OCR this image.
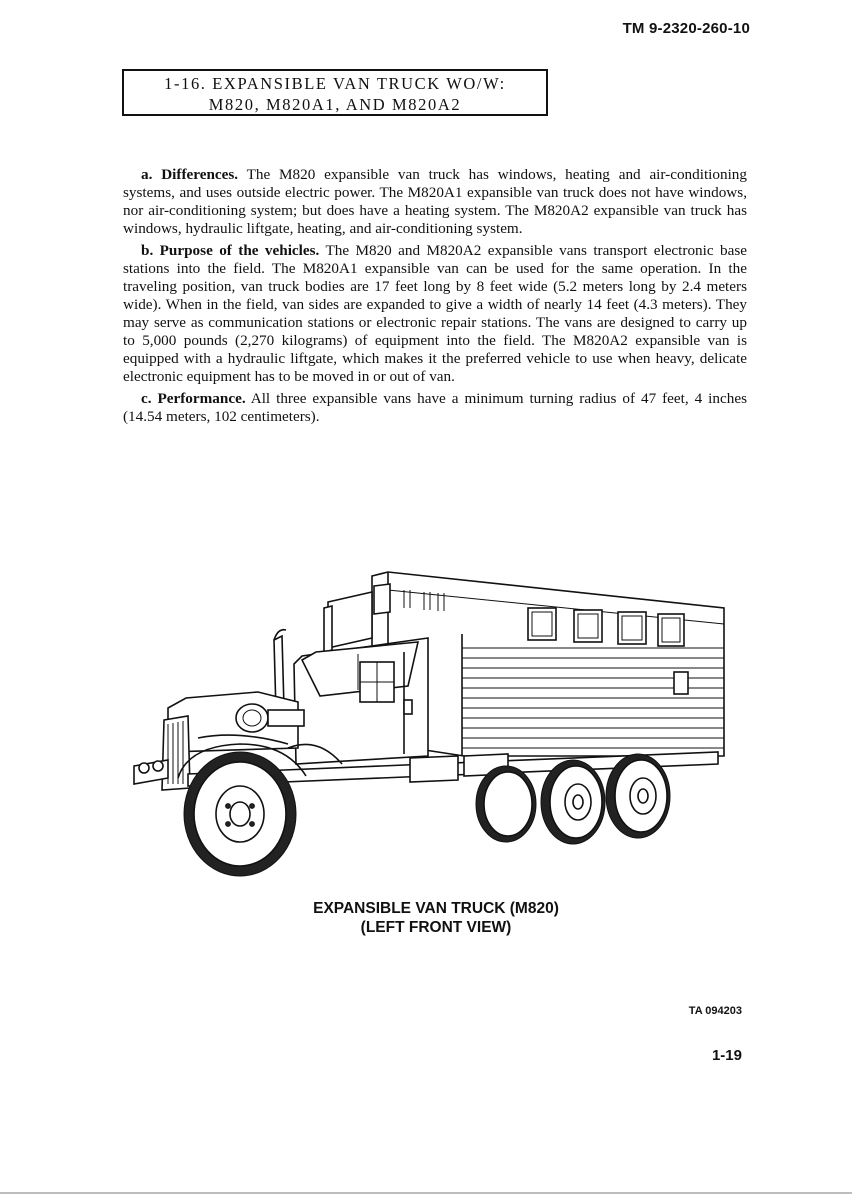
TM 9-2320-260-10
1-16. EXPANSIBLE VAN TRUCK WO/W:
M820, M820A1, AND M820A2

a. Differences. The M820 expansible van truck has windows, heating and air-conditioning systems, and uses outside electric power. The M820A1 expansible van truck does not have windows, nor air-conditioning system; but does have a heating system. The M820A2 expansible van truck has windows, hydraulic liftgate, heating, and air-conditioning system.

b. Purpose of the vehicles. The M820 and M820A2 expansible vans transport electronic base stations into the field. The M820A1 expansible van can be used for the same operation. In the traveling position, van truck bodies are 17 feet long by 8 feet wide (5.2 meters long by 2.4 meters wide). When in the field, van sides are expanded to give a width of nearly 14 feet (4.3 meters). They may serve as communication stations or electronic repair stations. The vans are designed to carry up to 5,000 pounds (2,270 kilograms) of equipment into the field. The M820A2 expansible van is equipped with a hydraulic liftgate, which makes it the preferred vehicle to use when heavy, delicate electronic equipment has to be moved in or out of van.

c. Performance. All three expansible vans have a minimum turning radius of 47 feet, 4 inches (14.54 meters, 102 centimeters).

EXPANSIBLE VAN TRUCK (M820)
(LEFT FRONT VIEW)
TA 094203
1-19
